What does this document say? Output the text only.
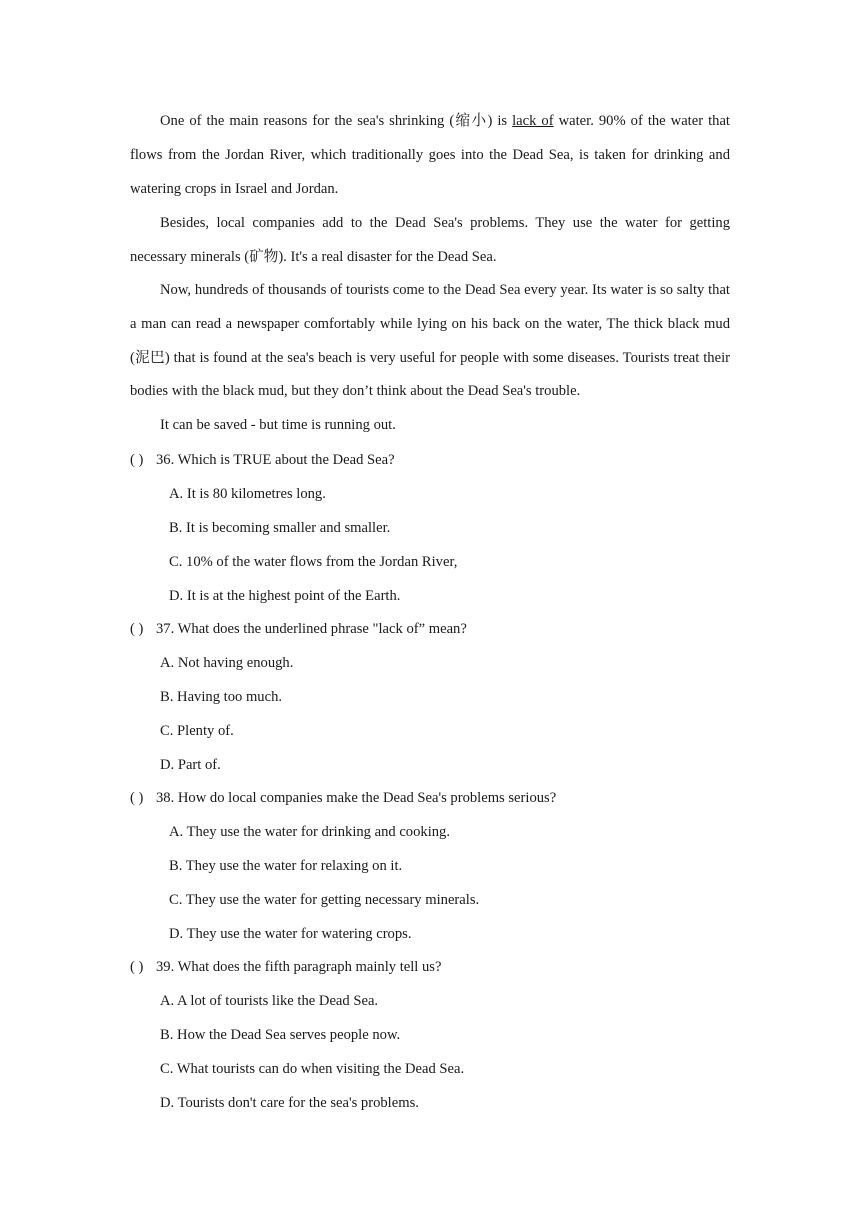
One of the main reasons for the sea's shrinking (缩小) is lack of water. 90% of the water that flows from the Jordan River, which traditionally goes into the Dead Sea, is taken for drinking and watering crops in Israel and Jordan.

Besides, local companies add to the Dead Sea's problems. They use the water for getting necessary minerals (矿物). It's a real disaster for the Dead Sea.

Now, hundreds of thousands of tourists come to the Dead Sea every year. Its water is so salty that a man can read a newspaper comfortably while lying on his back on the water, The thick black mud (泥巴) that is found at the sea's beach is very useful for people with some diseases. Tourists treat their bodies with the black mud, but they don’t think about the Dead Sea's trouble.

It can be saved - but time is running out.

( ) 36. Which is TRUE about the Dead Sea?
A. It is 80 kilometres long.
B. It is becoming smaller and smaller.
C. 10% of the water flows from the Jordan River,
D. It is at the highest point of the Earth.
( ) 37. What does the underlined phrase "lack of” mean?
A. Not having enough.
B. Having too much.
C. Plenty of.
D. Part of.
( ) 38. How do local companies make the Dead Sea's problems serious?
A. They use the water for drinking and cooking.
B. They use the water for relaxing on it.
C. They use the water for getting necessary minerals.
D. They use the water for watering crops.
( ) 39. What does the fifth paragraph mainly tell us?
A. A lot of tourists like the Dead Sea.
B. How the Dead Sea serves people now.
C. What tourists can do when visiting the Dead Sea.
D. Tourists don't care for the sea's problems.
